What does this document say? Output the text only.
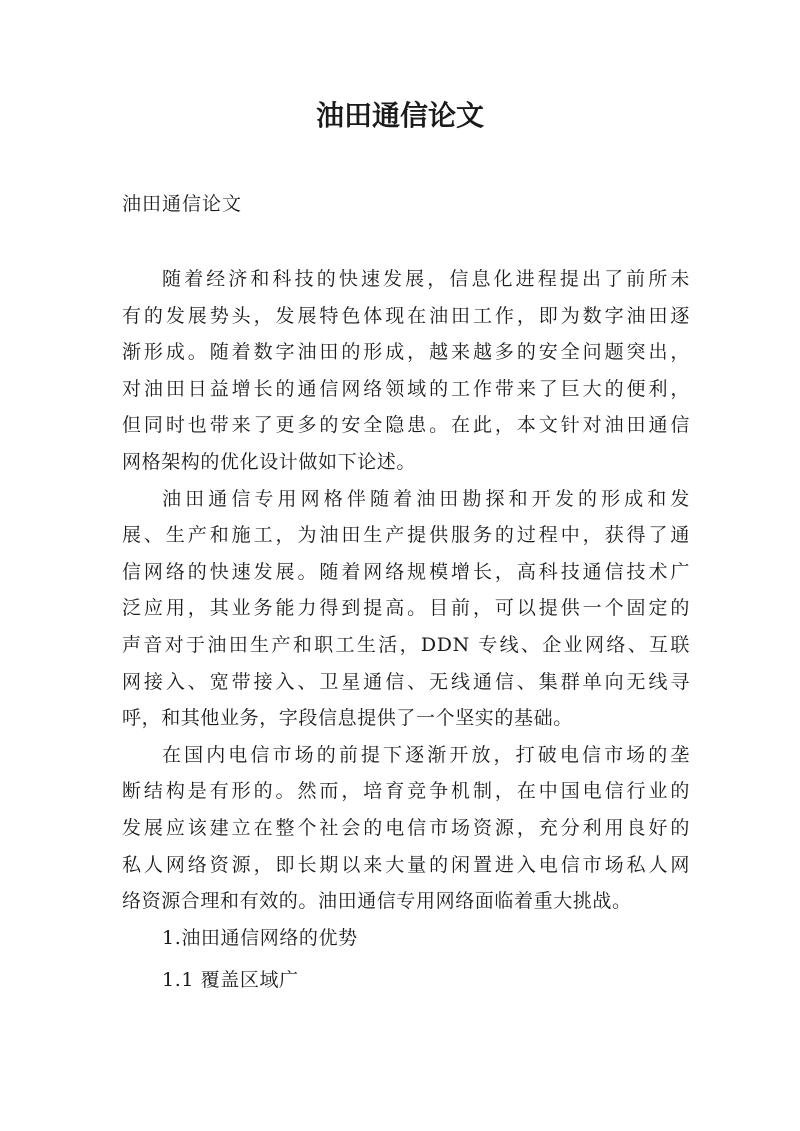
油田通信论文

油田通信论文

随着经济和科技的快速发展，信息化进程提出了前所未
有的发展势头，发展特色体现在油田工作，即为数字油田逐
渐形成。随着数字油田的形成，越来越多的安全问题突出，
对油田日益增长的通信网络领域的工作带来了巨大的便利，
但同时也带来了更多的安全隐患。在此，本文针对油田通信
网格架构的优化设计做如下论述。

油田通信专用网格伴随着油田勘探和开发的形成和发
展、生产和施工，为油田生产提供服务的过程中，获得了通
信网络的快速发展。随着网络规模增长，高科技通信技术广
泛应用，其业务能力得到提高。目前，可以提供一个固定的
声音对于油田生产和职工生活，DDN 专线、企业网络、互联
网接入、宽带接入、卫星通信、无线通信、集群单向无线寻
呼，和其他业务，字段信息提供了一个坚实的基础。

在国内电信市场的前提下逐渐开放，打破电信市场的垄
断结构是有形的。然而，培育竞争机制，在中国电信行业的
发展应该建立在整个社会的电信市场资源，充分利用良好的
私人网络资源，即长期以来大量的闲置进入电信市场私人网
络资源合理和有效的。油田通信专用网络面临着重大挑战。

1.油田通信网络的优势

1.1 覆盖区域广
